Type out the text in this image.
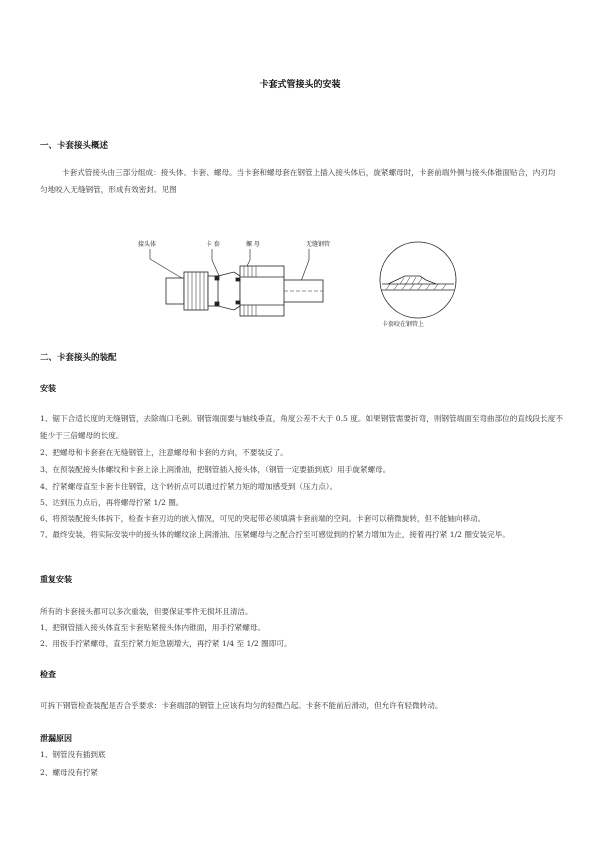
卡套式管接头的安装
一、卡套接头概述
卡套式管接头由三部分组成：接头体、卡套、螺母。当卡套和螺母套在钢管上插入接头体后，旋紧螺母时，卡套前端外侧与接头体锥面贴合，内刃均匀地咬入无缝钢管，形成有效密封。见图
接头体	卡 套	螺 母	无缝钢管
卡套咬在钢管上
二、卡套接头的装配
安装
1、锯下合适长度的无缝钢管，去除端口毛刺。钢管端面要与轴线垂直，角度公差不大于 0.5 度。如果钢管需要折弯，则钢管端面至弯曲部位的直线段长度不能少于三倍螺母的长度。
2、把螺母和卡套套在无缝钢管上，注意螺母和卡套的方向，不要装反了。
3、在预装配接头体螺纹和卡套上涂上润滑油，把钢管插入接头体，（钢管一定要插到底）用手旋紧螺母。
4、拧紧螺母直至卡套卡住钢管，这个转折点可以通过拧紧力矩的增加感受到（压力点）。
5、达到压力点后，再将螺母拧紧 1/2 圈。
6、将预装配接头体拆下，检查卡套刃边的嵌入情况，可见的突起带必须填满卡套前端的空间。卡套可以稍微旋转，但不能轴向移动。
7、最终安装，将实际安装中的接头体的螺纹涂上润滑油、压紧螺母与之配合拧至可感觉到的拧紧力增加为止，接着再拧紧 1/2 圈安装完毕。
重复安装
所有的卡套接头都可以多次重装，但要保证零件无损坏且清洁。
1、把钢管插入接头体直至卡套贴紧接头体内锥面，用手拧紧螺母。
2、用扳手拧紧螺母，直至拧紧力矩急剧增大，再拧紧 1/4 至 1/2 圈即可。
检查
可拆下钢管检查装配是否合乎要求：卡套端部的钢管上应该有均匀的轻微凸起。卡套不能前后滑动，但允许有轻微转动。
泄漏原因
1、钢管没有插到底
2、螺母没有拧紧
